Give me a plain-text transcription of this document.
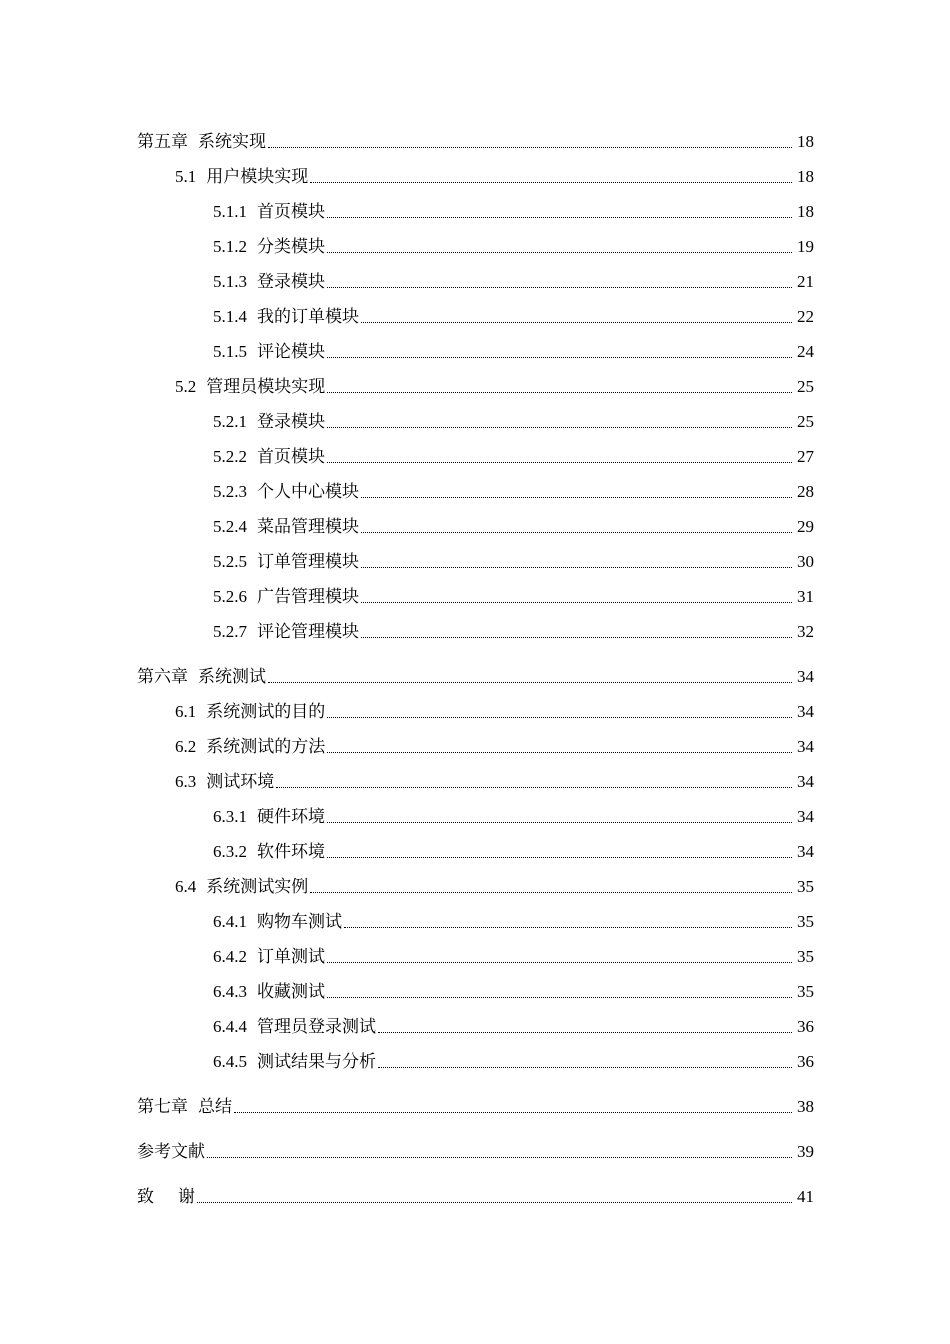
第五章 系统实现	18
5.1 用户模块实现	18
5.1.1 首页模块	18
5.1.2 分类模块	19
5.1.3 登录模块	21
5.1.4 我的订单模块	22
5.1.5 评论模块	24
5.2 管理员模块实现	25
5.2.1 登录模块	25
5.2.2 首页模块	27
5.2.3 个人中心模块	28
5.2.4 菜品管理模块	29
5.2.5 订单管理模块	30
5.2.6 广告管理模块	31
5.2.7 评论管理模块	32
第六章 系统测试	34
6.1 系统测试的目的	34
6.2 系统测试的方法	34
6.3 测试环境	34
6.3.1 硬件环境	34
6.3.2 软件环境	34
6.4 系统测试实例	35
6.4.1 购物车测试	35
6.4.2 订单测试	35
6.4.3 收藏测试	35
6.4.4 管理员登录测试	36
6.4.5 测试结果与分析	36
第七章 总结	38
参考文献	39
致 谢	41
